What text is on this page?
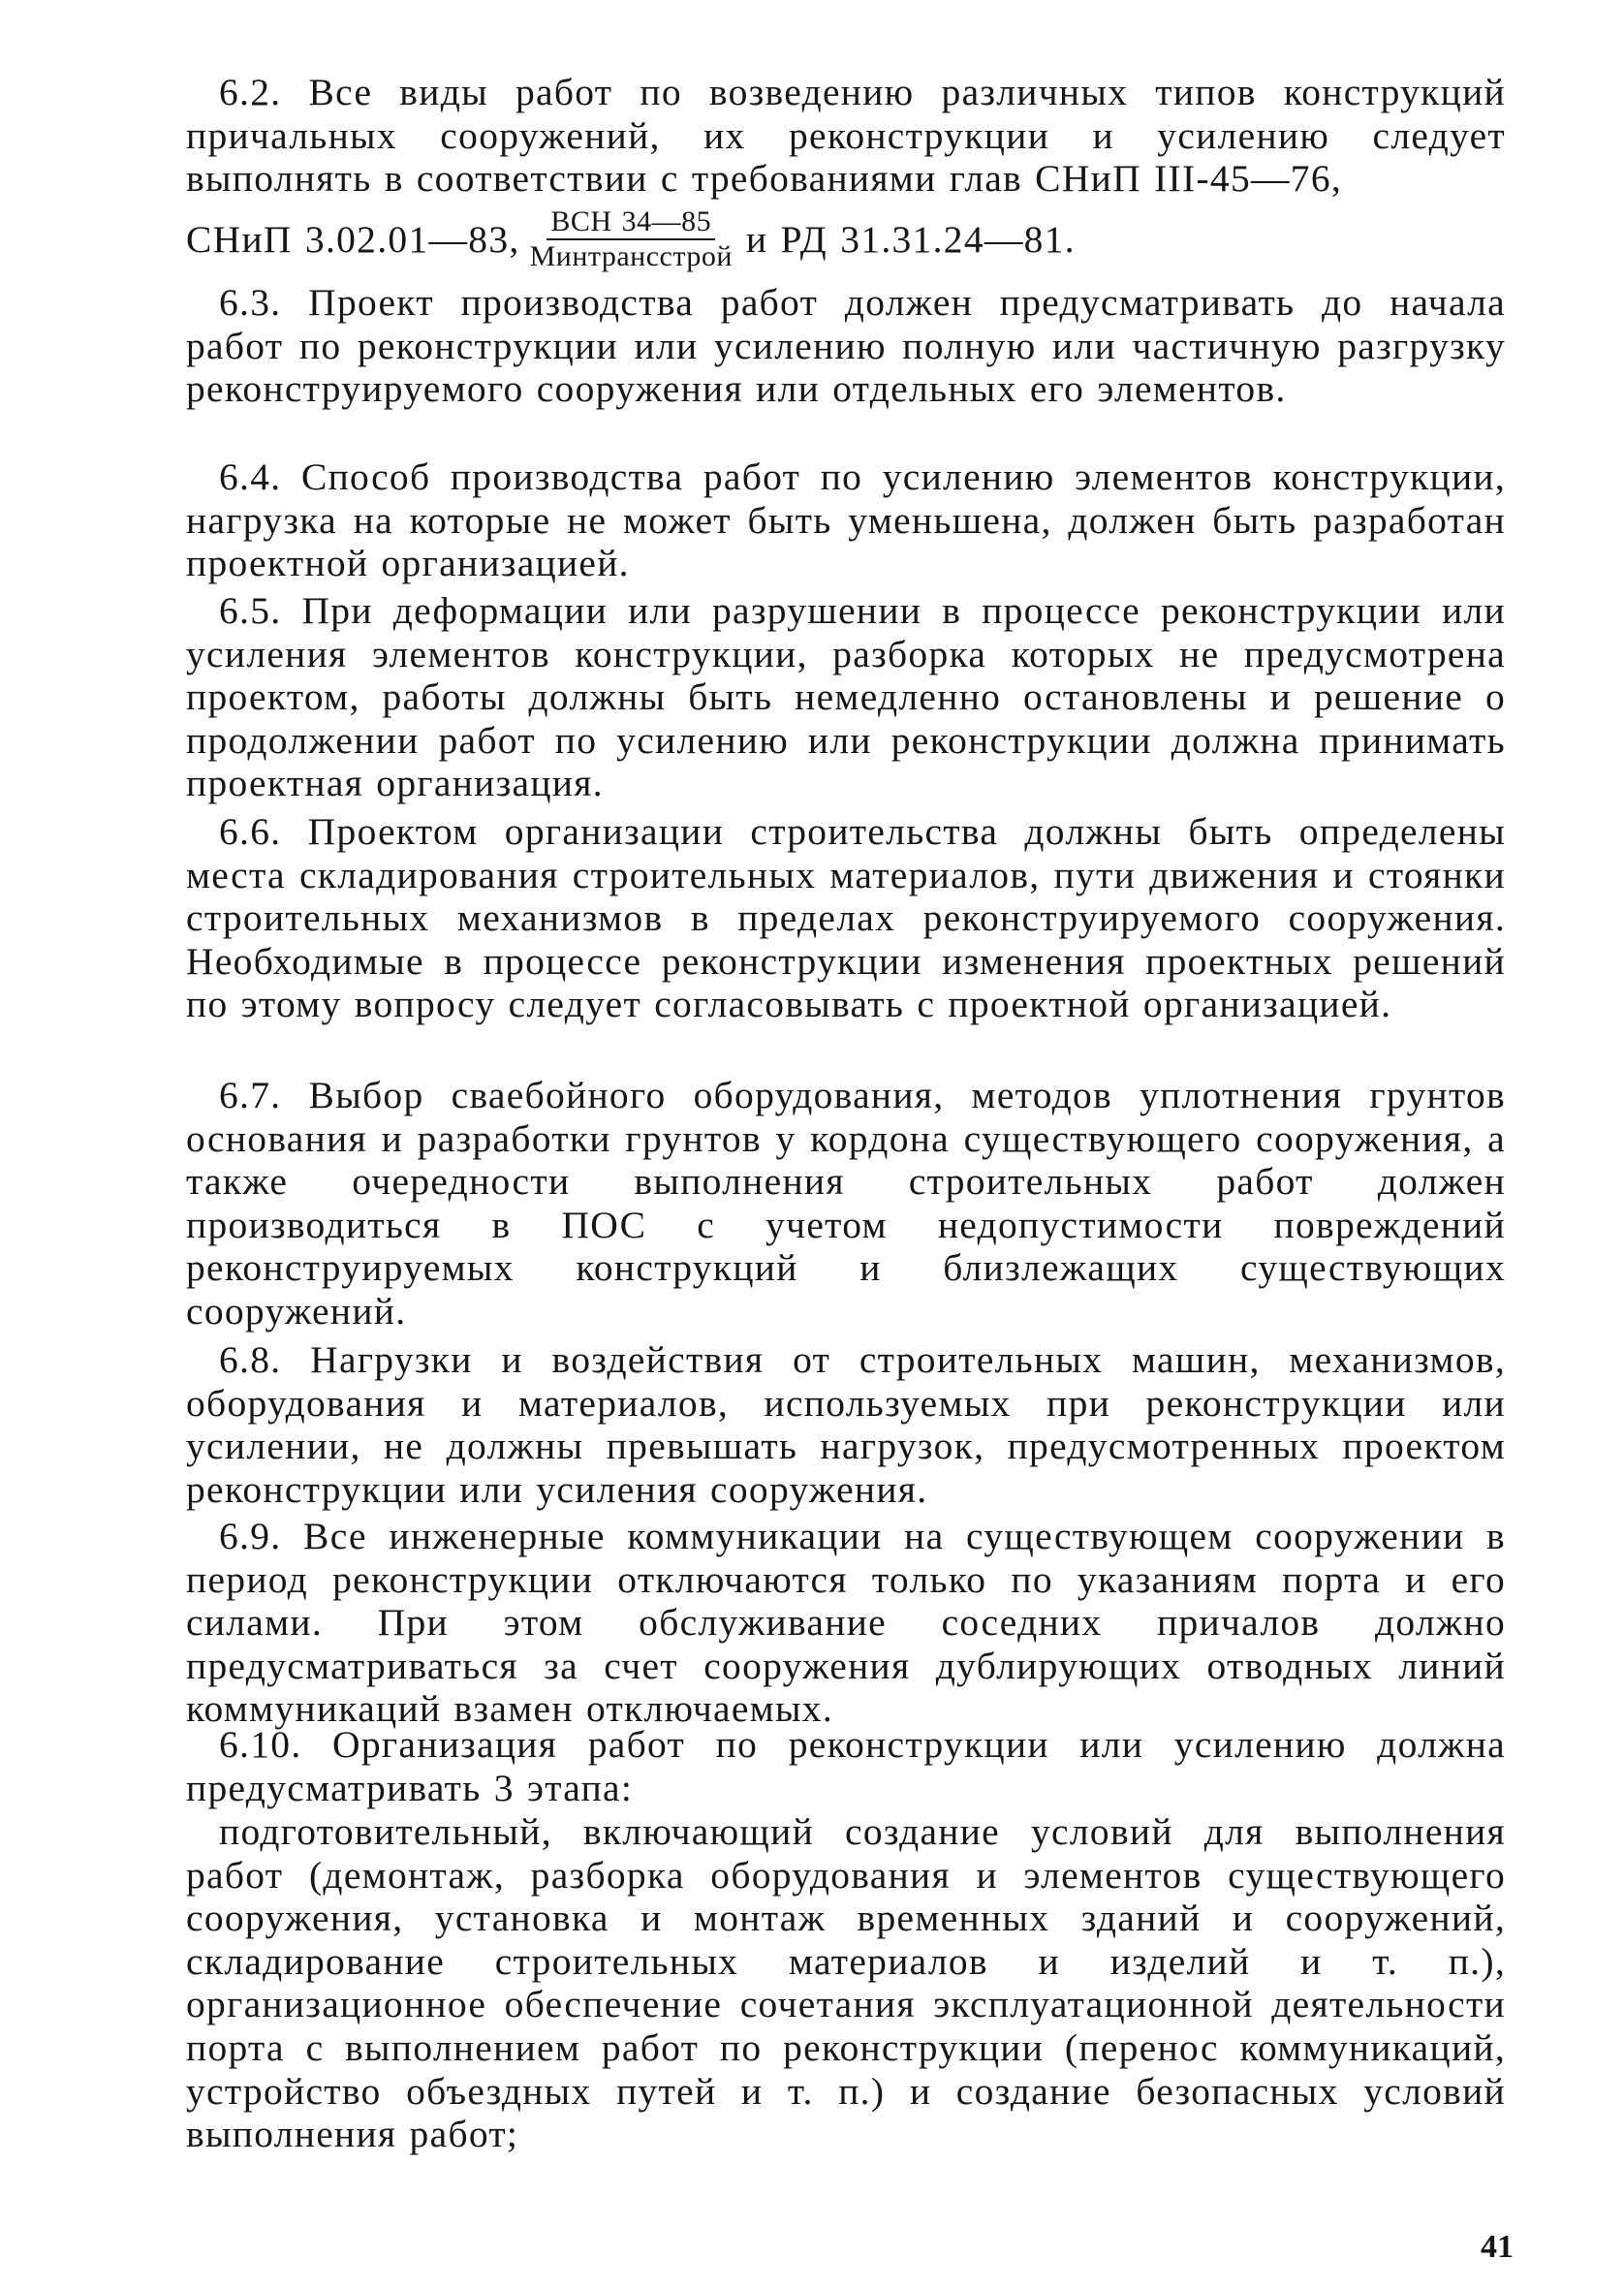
6.2. Все виды работ по возведению различных типов конструкций причальных сооружений, их реконструкции и усилению следует выполнять в соответствии с требованиями глав СНиП III-45—76,

СНиП 3.02.01—83, $\frac{\text{ВСН 34—85}}{\text{Минтрансстрой}}$ и РД 31.31.24—81.

6.3. Проект производства работ должен предусматривать до начала работ по реконструкции или усилению полную или частичную разгрузку реконструируемого сооружения или отдельных его элементов.

6.4. Способ производства работ по усилению элементов конструкции, нагрузка на которые не может быть уменьшена, должен быть разработан проектной организацией.

6.5. При деформации или разрушении в процессе реконструкции или усиления элементов конструкции, разборка которых не предусмотрена проектом, работы должны быть немедленно остановлены и решение о продолжении работ по усилению или реконструкции должна принимать проектная организация.

6.6. Проектом организации строительства должны быть определены места складирования строительных материалов, пути движения и стоянки строительных механизмов в пределах реконструируемого сооружения. Необходимые в процессе реконструкции изменения проектных решений по этому вопросу следует согласовывать с проектной организацией.

6.7. Выбор сваебойного оборудования, методов уплотнения грунтов основания и разработки грунтов у кордона существующего сооружения, а также очередности выполнения строительных работ должен производиться в ПОС с учетом недопустимости повреждений реконструируемых конструкций и близлежащих существующих сооружений.

6.8. Нагрузки и воздействия от строительных машин, механизмов, оборудования и материалов, используемых при реконструкции или усилении, не должны превышать нагрузок, предусмотренных проектом реконструкции или усиления сооружения.

6.9. Все инженерные коммуникации на существующем сооружении в период реконструкции отключаются только по указаниям порта и его силами. При этом обслуживание соседних причалов должно предусматриваться за счет сооружения дублирующих отводных линий коммуникаций взамен отключаемых.

6.10. Организация работ по реконструкции или усилению должна предусматривать 3 этапа:

подготовительный, включающий создание условий для выполнения работ (демонтаж, разборка оборудования и элементов существующего сооружения, установка и монтаж временных зданий и сооружений, складирование строительных материалов и изделий и т. п.), организационное обеспечение сочетания эксплуатационной деятельности порта с выполнением работ по реконструкции (перенос коммуникаций, устройство объездных путей и т. п.) и создание безопасных условий выполнения работ;

41
